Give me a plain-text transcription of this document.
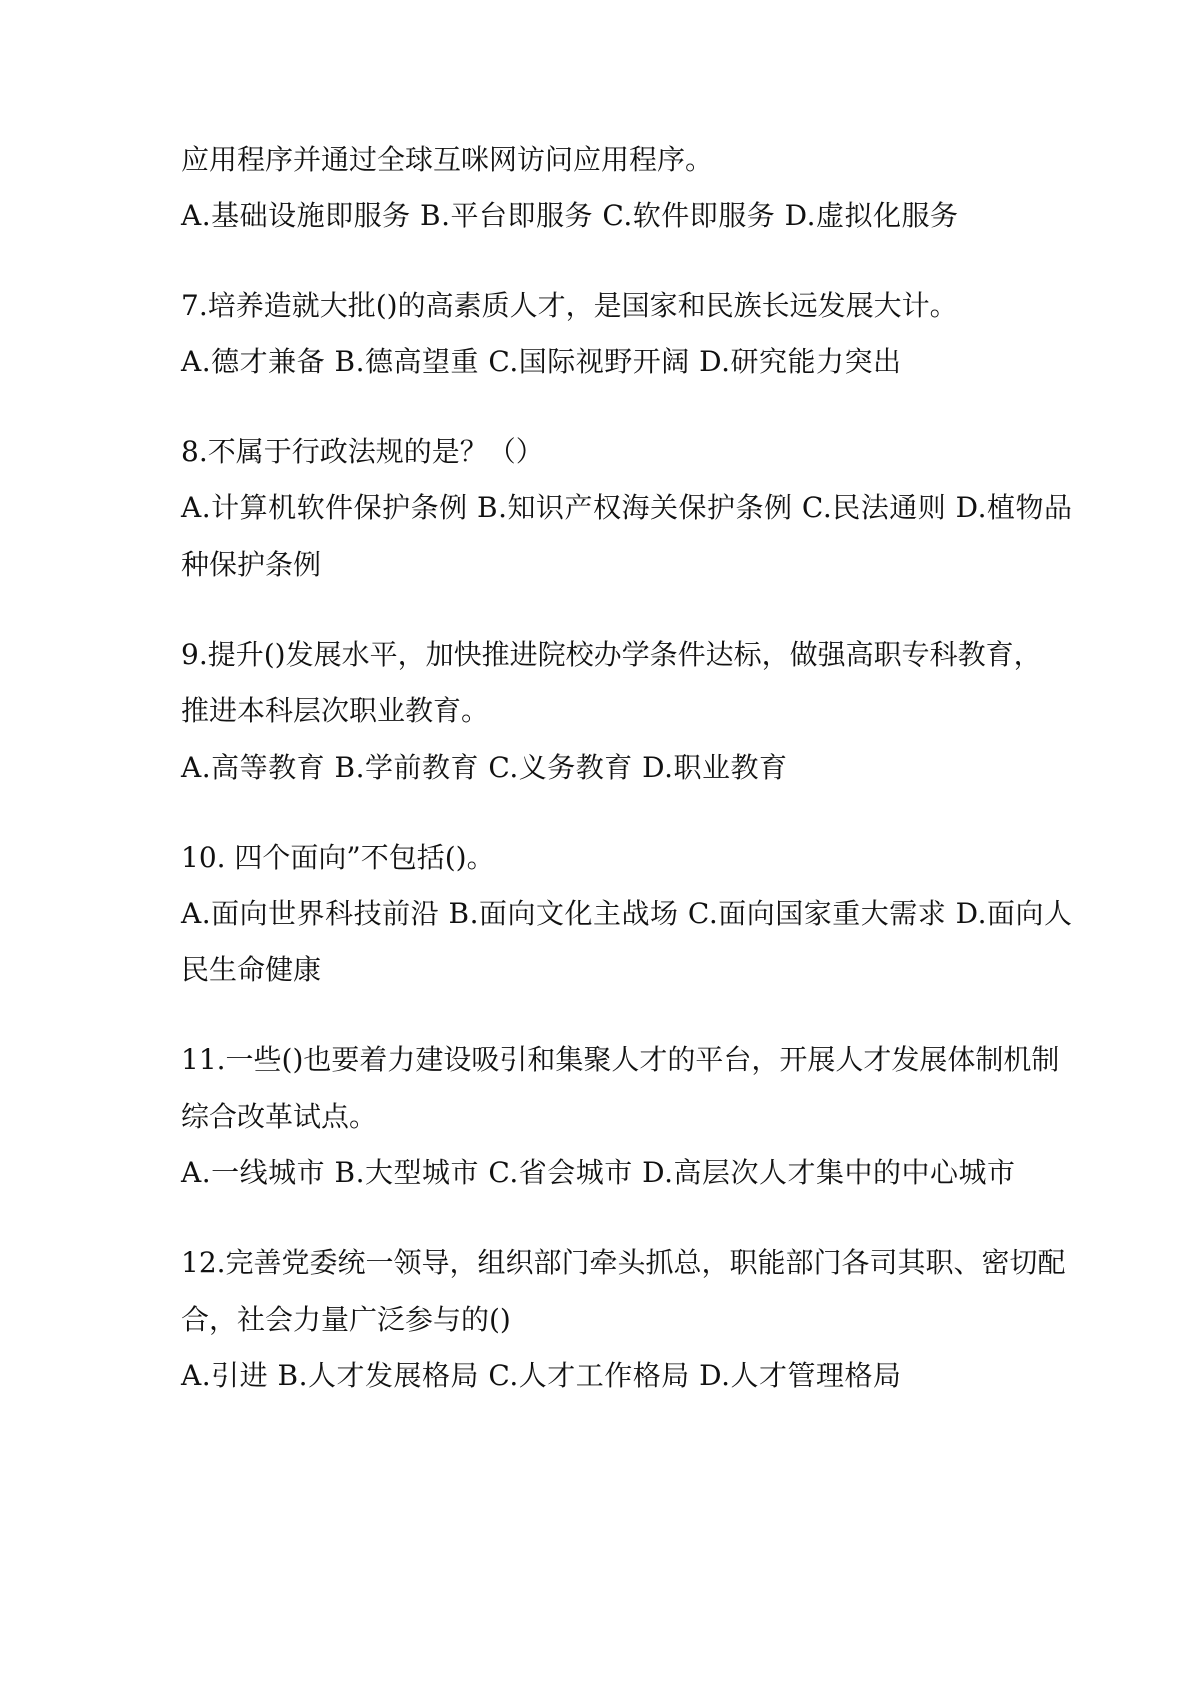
应用程序并通过全球互咪网访问应用程序。
A.基础设施即服务 B.平台即服务 C.软件即服务 D.虚拟化服务
7.培养造就大批()的高素质人才，是国家和民族长远发展大计。
A.德才兼备 B.德高望重 C.国际视野开阔 D.研究能力突出
8.不属于行政法规的是？（）
A.计算机软件保护条例 B.知识产权海关保护条例 C.民法通则 D.植物品
种保护条例
9.提升()发展水平，加快推进院校办学条件达标，做强高职专科教育，
推进本科层次职业教育。
A.高等教育 B.学前教育 C.义务教育 D.职业教育
10. 四个面向”不包括()。
A.面向世界科技前沿 B.面向文化主战场 C.面向国家重大需求 D.面向人
民生命健康
11.一些()也要着力建设吸引和集聚人才的平台，开展人才发展体制机制
综合改革试点。
A.一线城市 B.大型城市 C.省会城市 D.高层次人才集中的中心城市
12.完善党委统一领导，组织部门牵头抓总，职能部门各司其职、密切配
合，社会力量广泛参与的()
A.引进 B.人才发展格局 C.人才工作格局 D.人才管理格局
